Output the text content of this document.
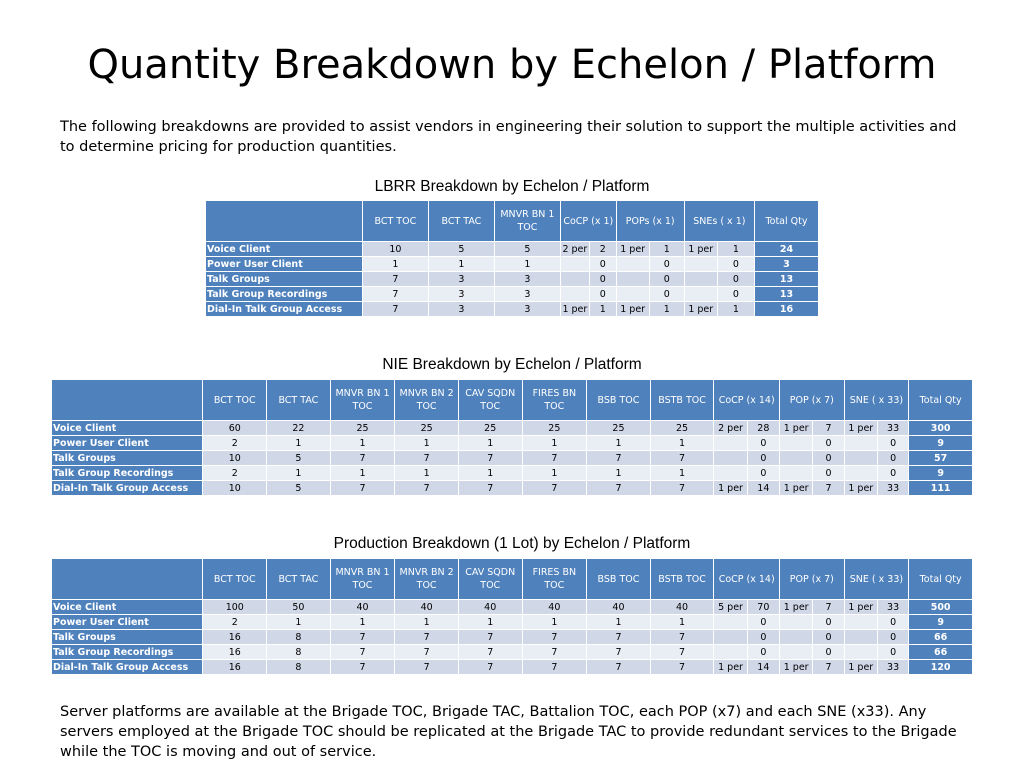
Quantity Breakdown by Echelon / Platform
The following breakdowns are provided to assist vendors in engineering their solution to support the multiple activities and to determine pricing for production quantities.
LBRR Breakdown by Echelon / Platform
	BCT TOC	BCT TAC	MNVR BN 1 TOC	CoCP (x 1)		POPs (x 1)		SNEs ( x 1)		Total Qty
Voice Client	10	5	5	2 per	2	1 per	1	1 per	1	24
Power User Client	1	1	1		0		0		0	3
Talk Groups	7	3	3		0		0		0	13
Talk Group Recordings	7	3	3		0		0		0	13
Dial-In Talk Group Access	7	3	3	1 per	1	1 per	1	1 per	1	16
NIE Breakdown by Echelon / Platform
	BCT TOC	BCT TAC	MNVR BN 1 TOC	MNVR BN 2 TOC	CAV SQDN TOC	FIRES BN TOC	BSB TOC	BSTB TOC	CoCP (x 14)		POP (x 7)		SNE ( x 33)		Total Qty
Voice Client	60	22	25	25	25	25	25	25	2 per	28	1 per	7	1 per	33	300
Power User Client	2	1	1	1	1	1	1	1		0		0		0	9
Talk Groups	10	5	7	7	7	7	7	7		0		0		0	57
Talk Group Recordings	2	1	1	1	1	1	1	1		0		0		0	9
Dial-In Talk Group Access	10	5	7	7	7	7	7	7	1 per	14	1 per	7	1 per	33	111
Production Breakdown (1 Lot) by Echelon / Platform
	BCT TOC	BCT TAC	MNVR BN 1 TOC	MNVR BN 2 TOC	CAV SQDN TOC	FIRES BN TOC	BSB TOC	BSTB TOC	CoCP (x 14)		POP (x 7)		SNE ( x 33)		Total Qty
Voice Client	100	50	40	40	40	40	40	40	5 per	70	1 per	7	1 per	33	500
Power User Client	2	1	1	1	1	1	1	1		0		0		0	9
Talk Groups	16	8	7	7	7	7	7	7		0		0		0	66
Talk Group Recordings	16	8	7	7	7	7	7	7		0		0		0	66
Dial-In Talk Group Access	16	8	7	7	7	7	7	7	1 per	14	1 per	7	1 per	33	120
Server platforms are available at the Brigade TOC, Brigade TAC, Battalion TOC, each POP (x7) and each SNE (x33). Any servers employed at the Brigade TOC should be replicated at the Brigade TAC to provide redundant services to the Brigade while the TOC is moving and out of service.
